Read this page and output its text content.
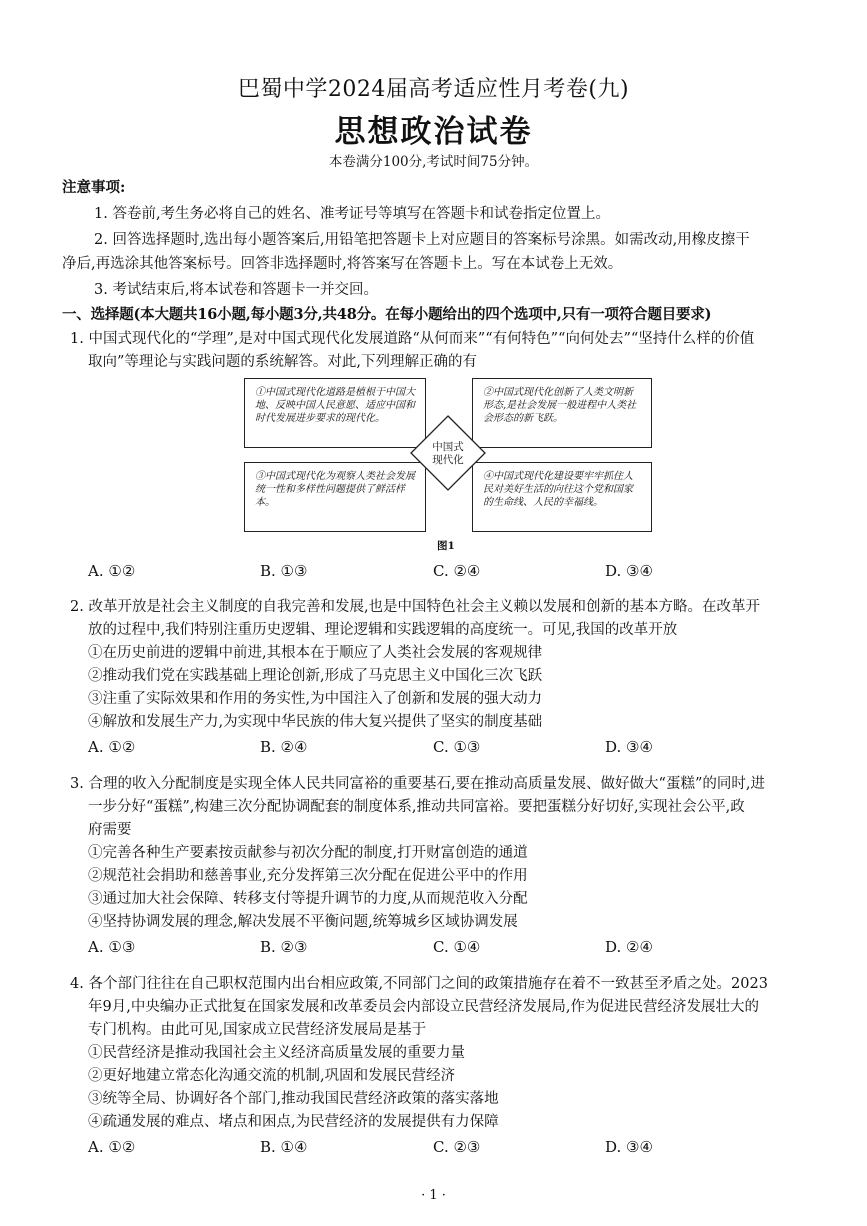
巴蜀中学2024届高考适应性月考卷(九)
思想政治试卷
本卷满分100分,考试时间75分钟。
注意事项:
1. 答卷前,考生务必将自己的姓名、准考证号等填写在答题卡和试卷指定位置上。
2. 回答选择题时,选出每小题答案后,用铅笔把答题卡上对应题目的答案标号涂黑。如需改动,用橡皮擦干
净后,再选涂其他答案标号。回答非选择题时,将答案写在答题卡上。写在本试卷上无效。
3. 考试结束后,将本试卷和答题卡一并交回。
一、选择题(本大题共16小题,每小题3分,共48分。在每小题给出的四个选项中,只有一项符合题目要求)
1. 中国式现代化的“学理”,是对中国式现代化发展道路“从何而来”“有何特色”“向何处去”“坚持什么样的价值
取向”等理论与实践问题的系统解答。对此,下列理解正确的有
①中国式现代化道路是植根于中国大地、反映中国人民意愿、适应中国和时代发展进步要求的现代化。
②中国式现代化创新了人类文明新形态,是社会发展一般进程中人类社会形态的新飞跃。
③中国式现代化为观察人类社会发展统一性和多样性问题提供了鲜活样本。
④中国式现代化建设要牢牢抓住人民对美好生活的向往这个党和国家的生命线、人民的幸福线。
中国式现代化
图1
A. ①②	B. ①③	C. ②④	D. ③④
2. 改革开放是社会主义制度的自我完善和发展,也是中国特色社会主义赖以发展和创新的基本方略。在改革开
放的过程中,我们特别注重历史逻辑、理论逻辑和实践逻辑的高度统一。可见,我国的改革开放
①在历史前进的逻辑中前进,其根本在于顺应了人类社会发展的客观规律
②推动我们党在实践基础上理论创新,形成了马克思主义中国化三次飞跃
③注重了实际效果和作用的务实性,为中国注入了创新和发展的强大动力
④解放和发展生产力,为实现中华民族的伟大复兴提供了坚实的制度基础
A. ①②	B. ②④	C. ①③	D. ③④
3. 合理的收入分配制度是实现全体人民共同富裕的重要基石,要在推动高质量发展、做好做大“蛋糕”的同时,进
一步分好“蛋糕”,构建三次分配协调配套的制度体系,推动共同富裕。要把蛋糕分好切好,实现社会公平,政
府需要
①完善各种生产要素按贡献参与初次分配的制度,打开财富创造的通道
②规范社会捐助和慈善事业,充分发挥第三次分配在促进公平中的作用
③通过加大社会保障、转移支付等提升调节的力度,从而规范收入分配
④坚持协调发展的理念,解决发展不平衡问题,统筹城乡区域协调发展
A. ①③	B. ②③	C. ①④	D. ②④
4. 各个部门往往在自己职权范围内出台相应政策,不同部门之间的政策措施存在着不一致甚至矛盾之处。2023
年9月,中央编办正式批复在国家发展和改革委员会内部设立民营经济发展局,作为促进民营经济发展壮大的
专门机构。由此可见,国家成立民营经济发展局是基于
①民营经济是推动我国社会主义经济高质量发展的重要力量
②更好地建立常态化沟通交流的机制,巩固和发展民营经济
③统等全局、协调好各个部门,推动我国民营经济政策的落实落地
④疏通发展的难点、堵点和困点,为民营经济的发展提供有力保障
A. ①②	B. ①④	C. ②③	D. ③④
· 1 ·
